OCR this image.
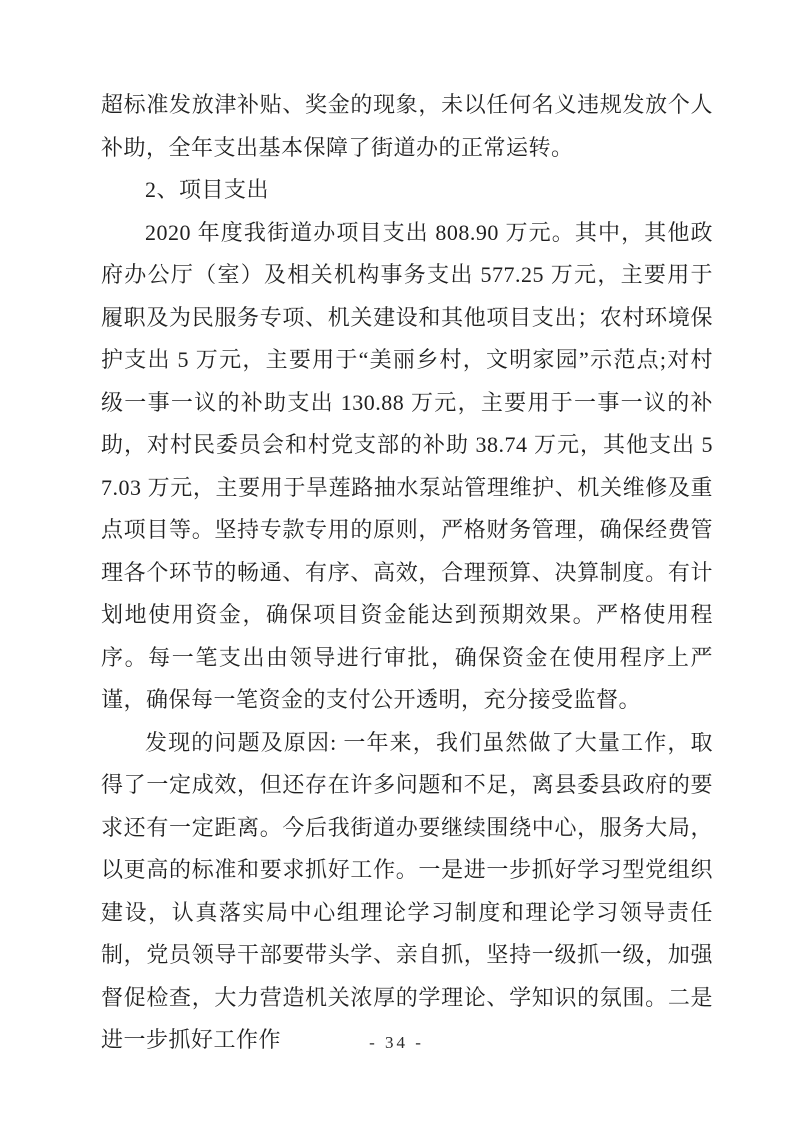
超标准发放津补贴、奖金的现象，未以任何名义违规发放个人补助，全年支出基本保障了街道办的正常运转。

2、项目支出

2020 年度我街道办项目支出 808.90 万元。其中，其他政府办公厅（室）及相关机构事务支出 577.25 万元，主要用于履职及为民服务专项、机关建设和其他项目支出；农村环境保护支出 5 万元，主要用于“美丽乡村，文明家园”示范点;对村级一事一议的补助支出 130.88 万元，主要用于一事一议的补助，对村民委员会和村党支部的补助 38.74 万元，其他支出 57.03 万元，主要用于旱莲路抽水泵站管理维护、机关维修及重点项目等。坚持专款专用的原则，严格财务管理，确保经费管理各个环节的畅通、有序、高效，合理预算、决算制度。有计划地使用资金，确保项目资金能达到预期效果。严格使用程序。每一笔支出由领导进行审批，确保资金在使用程序上严谨，确保每一笔资金的支付公开透明，充分接受监督。

发现的问题及原因: 一年来，我们虽然做了大量工作，取得了一定成效，但还存在许多问题和不足，离县委县政府的要求还有一定距离。今后我街道办要继续围绕中心，服务大局，以更高的标准和要求抓好工作。一是进一步抓好学习型党组织建设，认真落实局中心组理论学习制度和理论学习领导责任制，党员领导干部要带头学、亲自抓，坚持一级抓一级，加强督促检查，大力营造机关浓厚的学理论、学知识的氛围。二是进一步抓好工作作	- 34 -
